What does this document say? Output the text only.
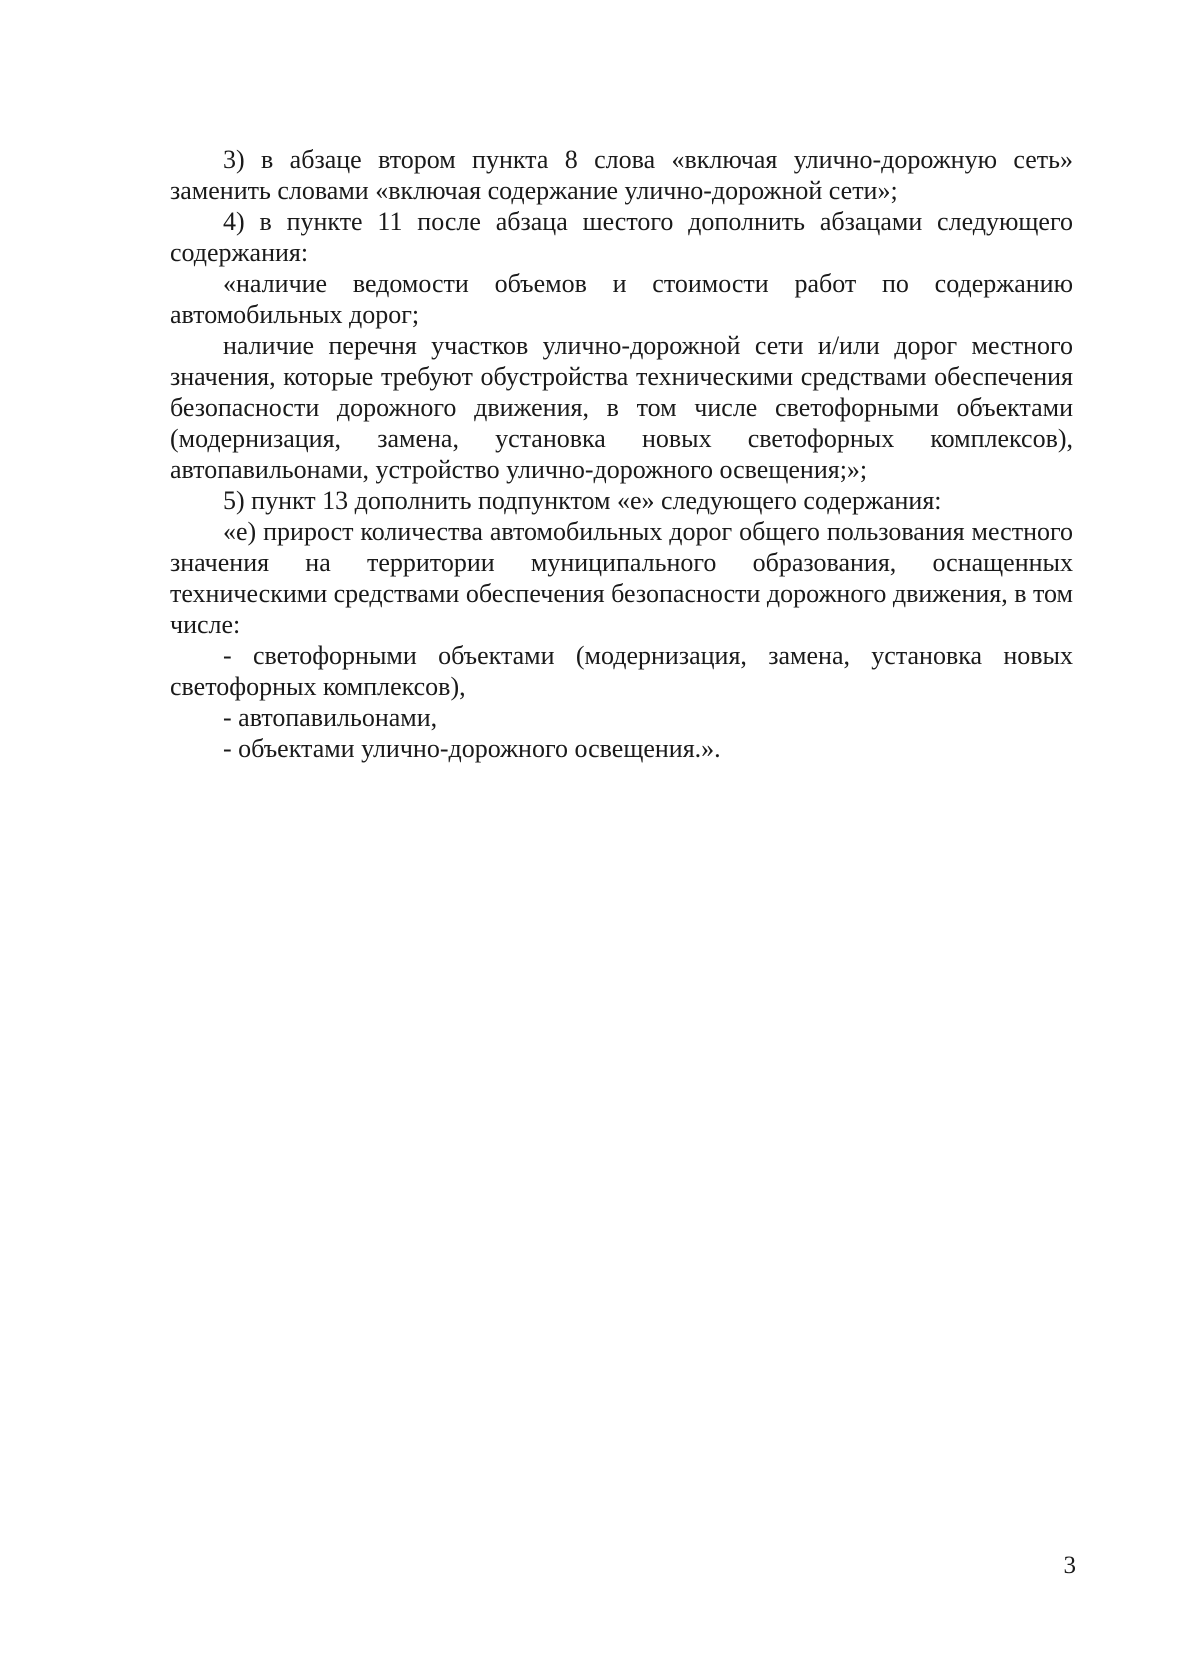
3) в абзаце втором пункта 8 слова «включая улично-дорожную сеть» заменить словами «включая содержание улично-дорожной сети»;

4) в пункте 11 после абзаца шестого дополнить абзацами следующего содержания:

«наличие ведомости объемов и стоимости работ по содержанию автомобильных дорог;

наличие перечня участков улично-дорожной сети и/или дорог местного значения, которые требуют обустройства техническими средствами обеспечения безопасности дорожного движения, в том числе светофорными объектами (модернизация, замена, установка новых светофорных комплексов), автопавильонами, устройство улично-дорожного освещения;»;

5) пункт 13 дополнить подпунктом «е» следующего содержания:

«е) прирост количества автомобильных дорог общего пользования местного значения на территории муниципального образования, оснащенных техническими средствами обеспечения безопасности дорожного движения, в том числе:

- светофорными объектами (модернизация, замена, установка новых светофорных комплексов),

- автопавильонами,

- объектами улично-дорожного освещения.».

3
